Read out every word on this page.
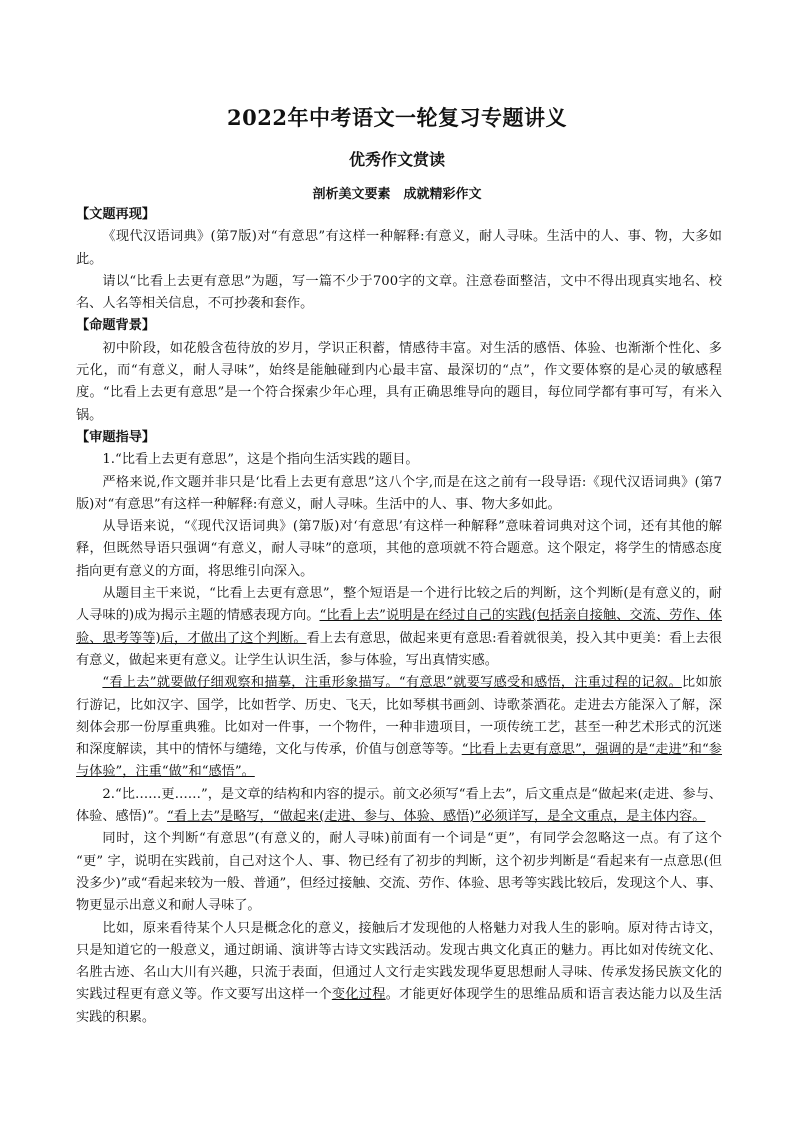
2022年中考语文一轮复习专题讲义
优秀作文赏读
剖析美文要素　成就精彩作文

【文题再现】

《现代汉语词典》(第7版)对“有意思”有这样一种解释:有意义，耐人寻味。生活中的人、事、物，大多如此。

请以“比看上去更有意思”为题，写一篇不少于700字的文章。注意卷面整洁，文中不得出现真实地名、校名、人名等相关信息，不可抄袭和套作。

【命题背景】

初中阶段，如花般含苞待放的岁月，学识正积蓄，情感待丰富。对生活的感悟、体验、也渐渐个性化、多元化，而“有意义，耐人寻味”，始终是能触碰到内心最丰富、最深切的“点”，作文要体察的是心灵的敏感程度。“比看上去更有意思”是一个符合探索少年心理，具有正确思维导向的题目，每位同学都有事可写，有米入锅。

【审题指导】

1.“比看上去更有意思”，这是个指向生活实践的题目。

严格来说,作文题并非只是‘比看上去更有意思”这八个字,而是在这之前有一段导语:《现代汉语词典》(第7版)对“有意思”有这样一种解释:有意义，耐人寻味。生活中的人、事、物大多如此。

从导语来说，“《现代汉语词典》(第7版)对‘有意思’有这样一种解释”意味着词典对这个词，还有其他的解释，但既然导语只强调“有意义，耐人寻味”的意项，其他的意项就不符合题意。这个限定，将学生的情感态度指向更有意义的方面，将思维引向深入。

从题目主干来说，“比看上去更有意思”，整个短语是一个进行比较之后的判断，这个判断(是有意义的，耐人寻味的)成为揭示主题的情感表现方向。“比看上去”说明是在经过自己的实践(包括亲自接触、交流、劳作、体验、思考等等)后，才做出了这个判断。看上去有意思，做起来更有意思:看着就很美，投入其中更美：看上去很有意义，做起来更有意义。让学生认识生活，参与体验，写出真情实感。

“看上去”就要做仔细观察和描摹，注重形象描写。“有意思”就要写感受和感悟，注重过程的记叙。比如旅行游记，比如汉字、国学，比如哲学、历史、飞天，比如琴棋书画剑、诗歌茶酒花。走进去方能深入了解，深刻体会那一份厚重典雅。比如对一件事，一个物件，一种非遗项目，一项传统工艺，甚至一种艺术形式的沉迷和深度解读，其中的情怀与缱绻，文化与传承，价值与创意等等。“比看上去更有意思”，强调的是“走进”和“参与体验”，注重“做”和“感悟”。

2.“比……更……”，是文章的结构和内容的提示。前文必须写“看上去”，后文重点是“做起来(走进、参与、体验、感悟)”。“看上去”是略写，“做起来(走进、参与、体验、感悟)”必须详写，是全文重点，是主体内容。

同时，这个判断“有意思”(有意义的，耐人寻味)前面有一个词是“更”，有同学会忽略这一点。有了这个 “更” 字，说明在实践前，自己对这个人、事、物已经有了初步的判断，这个初步判断是“看起来有一点意思(但没多少)”或“看起来较为一般、普通”，但经过接触、交流、劳作、体验、思考等实践比较后，发现这个人、事、物更显示出意义和耐人寻味了。

比如，原来看待某个人只是概念化的意义，接触后才发现他的人格魅力对我人生的影响。原对待古诗文，只是知道它的一般意义，通过朗诵、演讲等古诗文实践活动。发现古典文化真正的魅力。再比如对传统文化、名胜古迹、名山大川有兴趣，只流于表面，但通过人文行走实践发现华夏思想耐人寻味、传承发扬民族文化的实践过程更有意义等。作文要写出这样一个变化过程。才能更好体现学生的思维品质和语言表达能力以及生活实践的积累。
